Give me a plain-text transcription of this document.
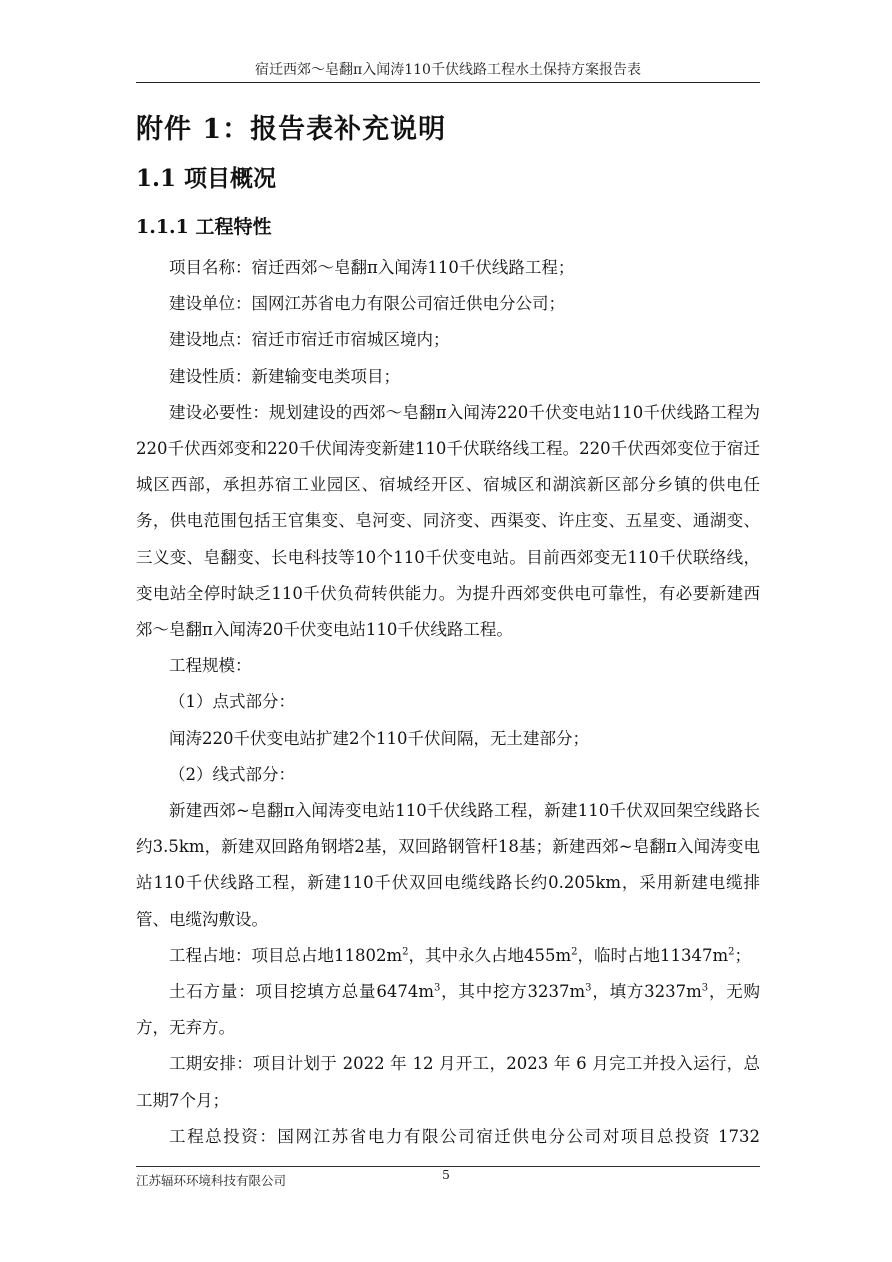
宿迁西郊～皂翻π入闻涛110千伏线路工程水土保持方案报告表
附件 1：报告表补充说明
1.1 项目概况
1.1.1 工程特性

项目名称：宿迁西郊～皂翻π入闻涛110千伏线路工程；

建设单位：国网江苏省电力有限公司宿迁供电分公司；

建设地点：宿迁市宿迁市宿城区境内；

建设性质：新建输变电类项目；

建设必要性：规划建设的西郊～皂翻π入闻涛220千伏变电站110千伏线路工程为220千伏西郊变和220千伏闻涛变新建110千伏联络线工程。220千伏西郊变位于宿迁城区西部，承担苏宿工业园区、宿城经开区、宿城区和湖滨新区部分乡镇的供电任务，供电范围包括王官集变、皂河变、同济变、西渠变、许庄变、五星变、通湖变、三义变、皂翻变、长电科技等10个110千伏变电站。目前西郊变无110千伏联络线，变电站全停时缺乏110千伏负荷转供能力。为提升西郊变供电可靠性，有必要新建西郊～皂翻π入闻涛20千伏变电站110千伏线路工程。

工程规模：

（1）点式部分：

闻涛220千伏变电站扩建2个110千伏间隔，无土建部分；

（2）线式部分：

新建西郊~皂翻π入闻涛变电站110千伏线路工程，新建110千伏双回架空线路长约3.5km，新建双回路角钢塔2基，双回路钢管杆18基；新建西郊~皂翻π入闻涛变电站110千伏线路工程，新建110千伏双回电缆线路长约0.205km，采用新建电缆排管、电缆沟敷设。

工程占地：项目总占地$11802m^2$，其中永久占地$455m^2$，临时占地$11347m^2$；

土石方量：项目挖填方总量$6474m^3$，其中挖方$3237m^3$，填方$3237m^3$，无购方，无弃方。

工期安排：项目计划于 2022 年 12 月开工，2023 年 6 月完工并投入运行，总工期7个月；

工程总投资：国网江苏省电力有限公司宿迁供电分公司对项目总投资 1732

江苏辐环环境科技有限公司	5
